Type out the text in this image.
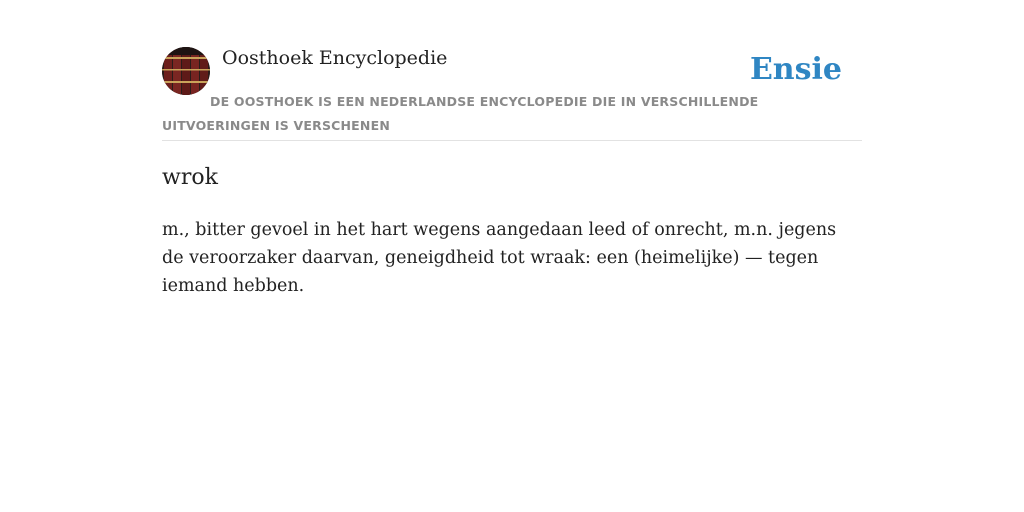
Oosthoek Encyclopedie	Ensie
DE OOSTHOEK IS EEN NEDERLANDSE ENCYCLOPEDIE DIE IN VERSCHILLENDE UITVOERINGEN IS VERSCHENEN
wrok

m., bitter gevoel in het hart wegens aangedaan leed of onrecht, m.n. jegens de veroorzaker daarvan, geneigdheid tot wraak: een (heimelijke) — tegen iemand hebben.
